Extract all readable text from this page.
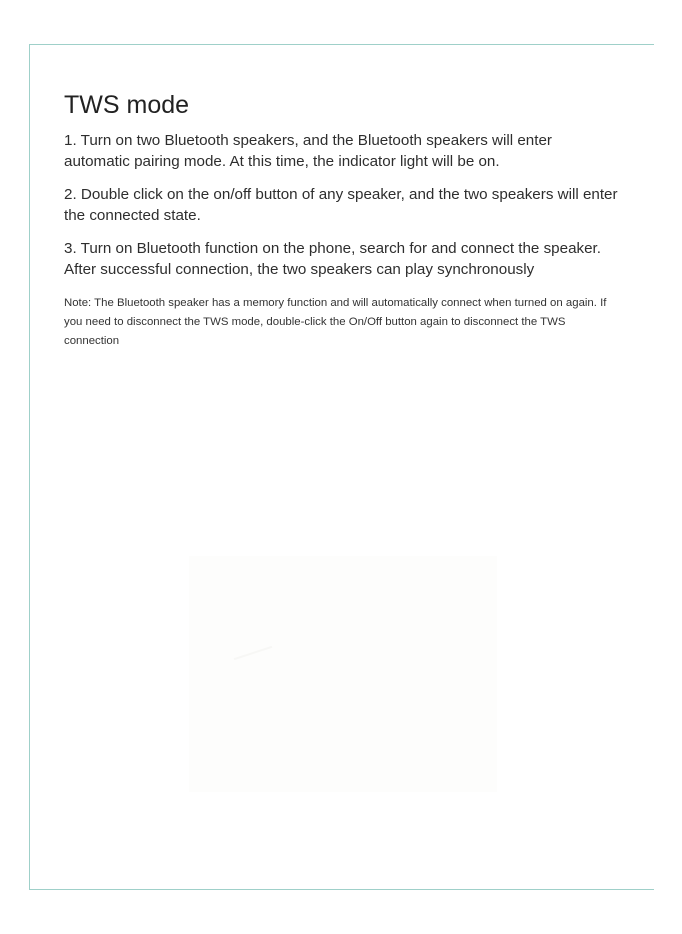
TWS mode

1. Turn on two Bluetooth speakers, and the Bluetooth speakers will enter automatic pairing mode. At this time, the indicator light will be on.

2. Double click on the on/off button of any speaker, and the two speakers will enter the connected state.

3. Turn on Bluetooth function on the phone, search for and connect the speaker. After successful connection, the two speakers can play synchronously

Note: The Bluetooth speaker has a memory function and will automatically connect when turned on again. If you need to disconnect the TWS mode, double-click the On/Off button again to disconnect the TWS connection
